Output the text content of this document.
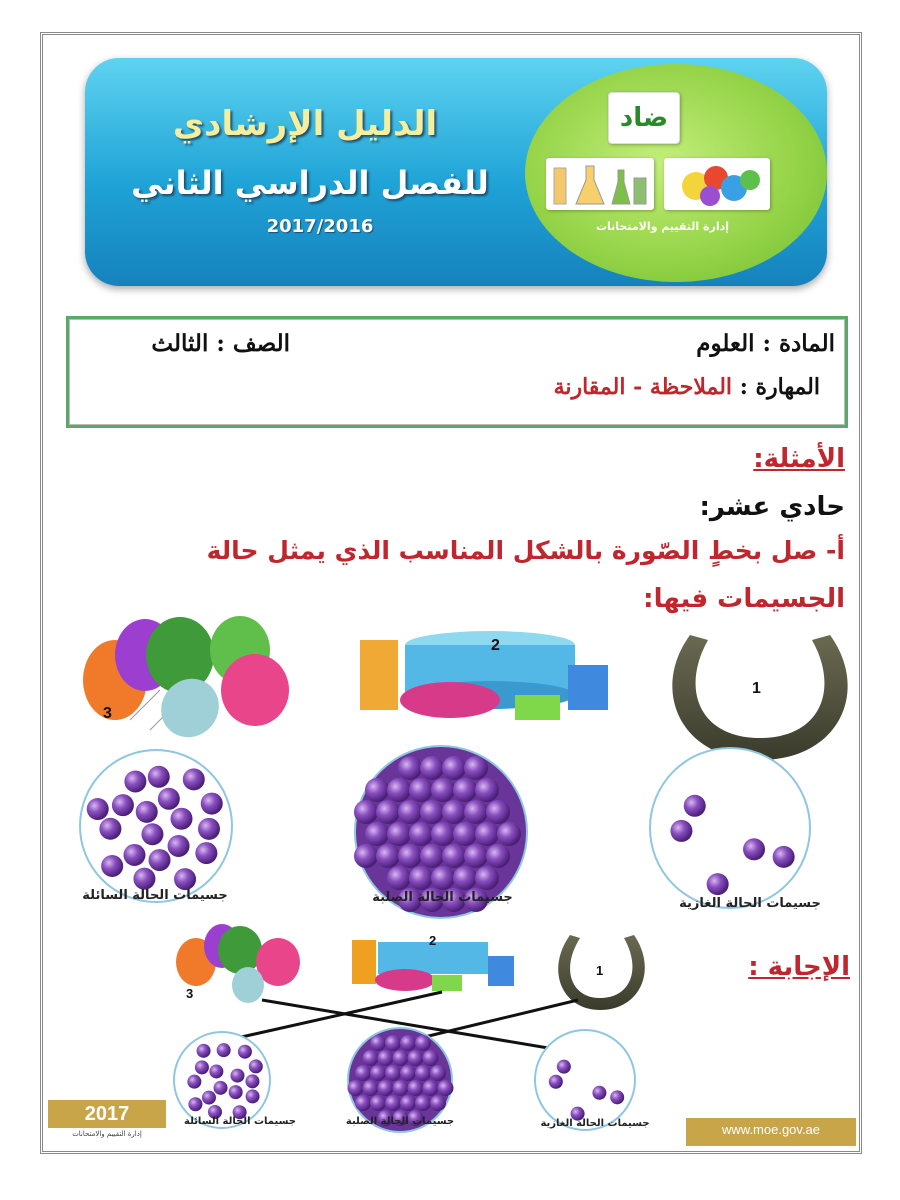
الدليل الإرشادي
للفصل الدراسي الثاني
2017/2016
ضاد
إدارة التقييم والامتحانات
المادة : العلوم
الصف : الثالث
المهارة : الملاحظة - المقارنة
الأمثلة:
حادي عشر:
أ- صل بخطٍ الصّورة بالشكل المناسب الذي يمثل حالة
الجسيمات فيها:
2
1
3
2
1
3
جسيمات الحالة السائلة	جسيمات الحالة الصلبة	جسيمات الحالة الغازية
الإجابة :
جسيمات الحالة السائلة	جسيمات الحالة الصلبة	جسيمات الحالة الغازية
2017
إدارة التقييم والامتحانات	www.moe.gov.ae
